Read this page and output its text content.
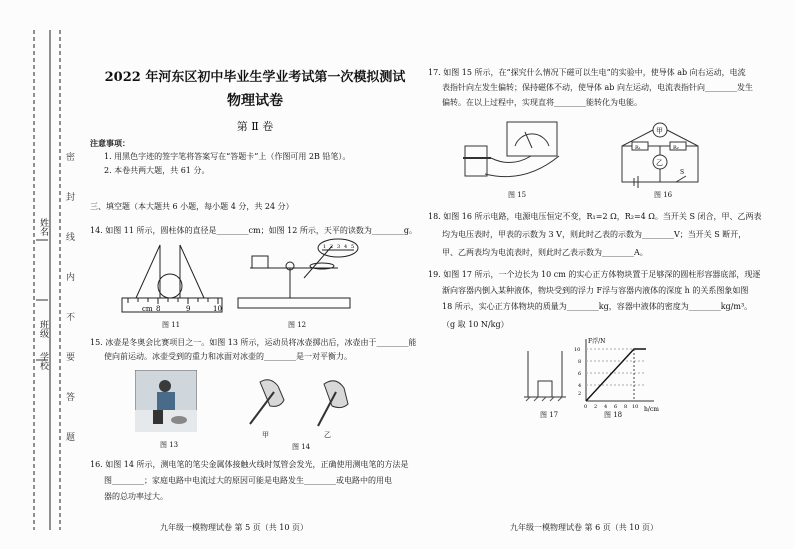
姓名
班级
学校
密
封
线
内
不
要
答
题
2022 年河东区初中毕业生学业考试第一次模拟测试
物理试卷
第 Ⅱ 卷
注意事项：
1. 用黑色字迹的签字笔将答案写在“答题卡”上（作图可用 2B 铅笔）。
2. 本卷共两大题，共 61 分。
三、填空题（本大题共 6 小题，每小题 4 分，共 24 分）
14. 如图 11 所示，圆柱体的直径是________cm；如图 12 所示，天平的读数为________g。
cm 8	9	10
图 11
1 2 3 4 5
图 12
15. 冰壶是冬奥会比赛项目之一。如图 13 所示，运动员将冰壶掷出后，冰壶由于________能
使向前运动。冰壶受到的重力和冰面对冰壶的________是一对平衡力。
图 13
甲	乙
图 14
16. 如图 14 所示，测电笔的笔尖金属体接触火线时氖管会发光，正确使用测电笔的方法是
图________；家庭电路中电流过大的原因可能是电路发生________或电路中的用电
器的总功率过大。
九年级一模物理试卷 第 5 页（共 10 页）
17. 如图 15 所示，在“探究什么情况下磁可以生电”的实验中，使导体 ab 向右运动，电流
表指针向左发生偏转；保持磁体不动，使导体 ab 向左运动，电流表指针向________发生
偏转。在以上过程中，实现直将________能转化为电能。
图 15
甲
乙
R₁	R₂
S
图 16
18. 如图 16 所示电路，电源电压恒定不变，R₁=2 Ω，R₂=4 Ω。当开关 S 闭合，甲、乙两表
均为电压表时，甲表的示数为 3 V，则此时乙表的示数为________V；当开关 S 断开，
甲、乙两表均为电流表时，则此时乙表示数为________A。
19. 如图 17 所示，一个边长为 10 cm 的实心正方体物块置于足够深的圆柱形容器底部，现逐
渐向容器内倒入某种液体，物块受到的浮力 F浮与容器内液体的深度 h 的关系图象如图
18 所示，实心正方体物块的质量为________kg，容器中液体的密度为________kg/m³。
（g 取 10 N/kg）
图 17
F浮/N
h/cm
10
8
6
4
2
0 2 4 6 8 10
图 18
九年级一模物理试卷 第 6 页（共 10 页）
